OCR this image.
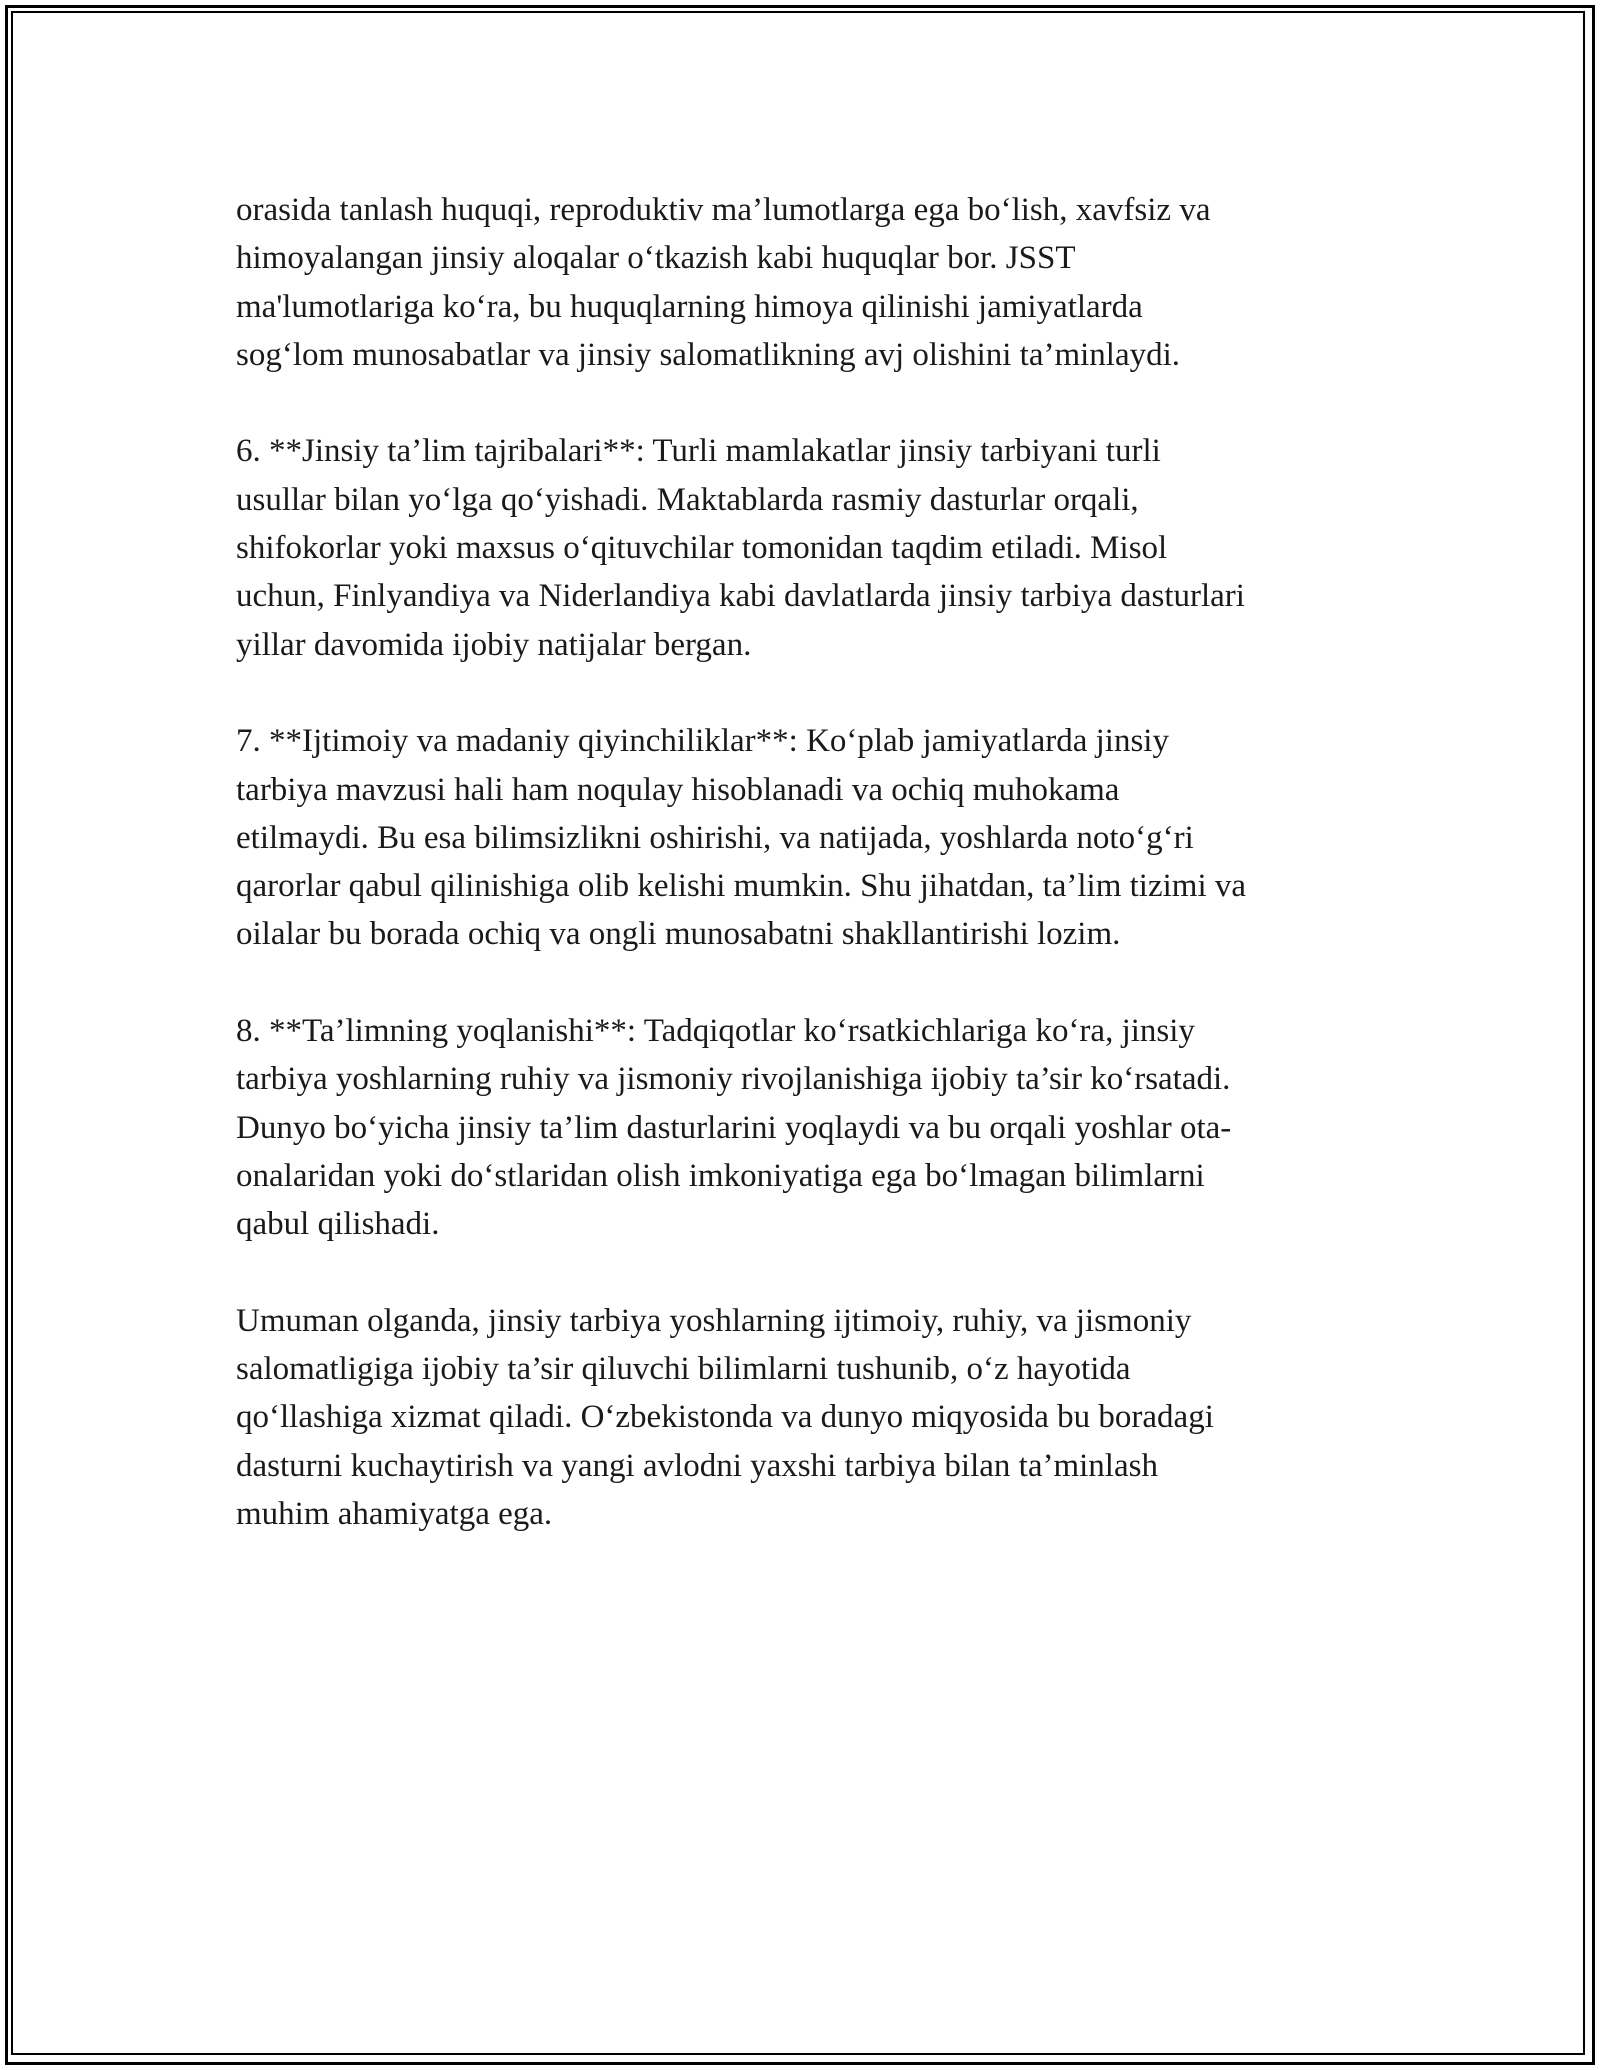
orasida tanlash huquqi, reproduktiv ma’lumotlarga ega bo‘lish, xavfsiz va
himoyalangan jinsiy aloqalar o‘tkazish kabi huquqlar bor. JSST
ma'lumotlariga ko‘ra, bu huquqlarning himoya qilinishi jamiyatlarda
sog‘lom munosabatlar va jinsiy salomatlikning avj olishini ta’minlaydi.

6. **Jinsiy ta’lim tajribalari**: Turli mamlakatlar jinsiy tarbiyani turli
usullar bilan yo‘lga qo‘yishadi. Maktablarda rasmiy dasturlar orqali,
shifokorlar yoki maxsus o‘qituvchilar tomonidan taqdim etiladi. Misol
uchun, Finlyandiya va Niderlandiya kabi davlatlarda jinsiy tarbiya dasturlari
yillar davomida ijobiy natijalar bergan.

7. **Ijtimoiy va madaniy qiyinchiliklar**: Ko‘plab jamiyatlarda jinsiy
tarbiya mavzusi hali ham noqulay hisoblanadi va ochiq muhokama
etilmaydi. Bu esa bilimsizlikni oshirishi, va natijada, yoshlarda noto‘g‘ri
qarorlar qabul qilinishiga olib kelishi mumkin. Shu jihatdan, ta’lim tizimi va
oilalar bu borada ochiq va ongli munosabatni shakllantirishi lozim.

8. **Ta’limning yoqlanishi**: Tadqiqotlar ko‘rsatkichlariga ko‘ra, jinsiy
tarbiya yoshlarning ruhiy va jismoniy rivojlanishiga ijobiy ta’sir ko‘rsatadi.
Dunyo bo‘yicha jinsiy ta’lim dasturlarini yoqlaydi va bu orqali yoshlar ota-
onalaridan yoki do‘stlaridan olish imkoniyatiga ega bo‘lmagan bilimlarni
qabul qilishadi.

Umuman olganda, jinsiy tarbiya yoshlarning ijtimoiy, ruhiy, va jismoniy
salomatligiga ijobiy ta’sir qiluvchi bilimlarni tushunib, o‘z hayotida
qo‘llashiga xizmat qiladi. O‘zbekistonda va dunyo miqyosida bu boradagi
dasturni kuchaytirish va yangi avlodni yaxshi tarbiya bilan ta’minlash
muhim ahamiyatga ega.
